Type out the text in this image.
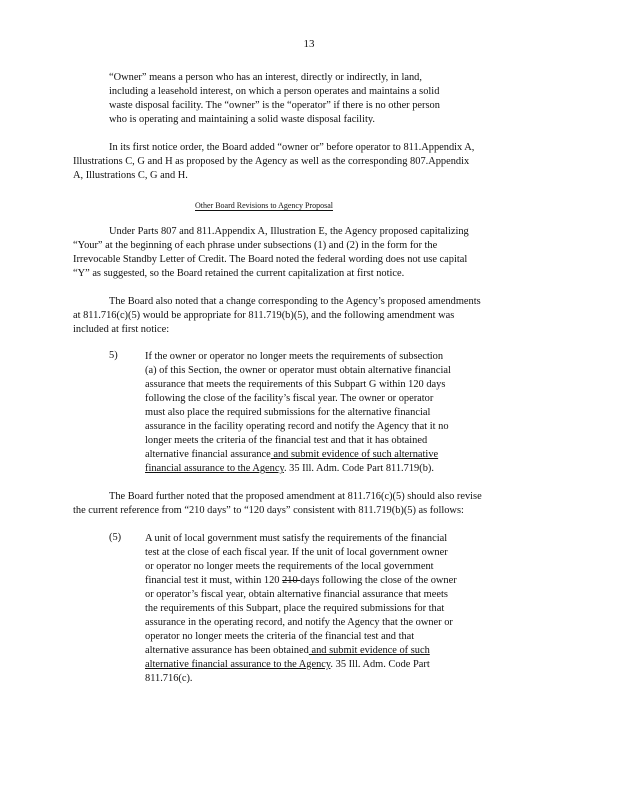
13
“Owner” means a person who has an interest, directly or indirectly, in land,
including a leasehold interest, on which a person operates and maintains a solid
waste disposal facility. The “owner” is the “operator” if there is no other person
who is operating and maintaining a solid waste disposal facility.
In its first notice order, the Board added “owner or” before operator to 811.Appendix A,
Illustrations C, G and H as proposed by the Agency as well as the corresponding 807.Appendix
A, Illustrations C, G and H.
Other Board Revisions to Agency Proposal
Under Parts 807 and 811.Appendix A, Illustration E, the Agency proposed capitalizing
“Your” at the beginning of each phrase under subsections (1) and (2) in the form for the
Irrevocable Standby Letter of Credit. The Board noted the federal wording does not use capital
“Y” as suggested, so the Board retained the current capitalization at first notice.
The Board also noted that a change corresponding to the Agency’s proposed amendments
at 811.716(c)(5) would be appropriate for 811.719(b)(5), and the following amendment was
included at first notice:
5)	If the owner or operator no longer meets the requirements of subsection
(a) of this Section, the owner or operator must obtain alternative financial
assurance that meets the requirements of this Subpart G within 120 days
following the close of the facility’s fiscal year. The owner or operator
must also place the required submissions for the alternative financial
assurance in the facility operating record and notify the Agency that it no
longer meets the criteria of the financial test and that it has obtained
alternative financial assurance and submit evidence of such alternative
financial assurance to the Agency. 35 Ill. Adm. Code Part 811.719(b).
The Board further noted that the proposed amendment at 811.716(c)(5) should also revise
the current reference from “210 days” to “120 days” consistent with 811.719(b)(5) as follows:
(5) A unit of local government must satisfy the requirements of the financial
test at the close of each fiscal year. If the unit of local government owner
or operator no longer meets the requirements of the local government
financial test it must, within 120 210 days following the close of the owner
or operator’s fiscal year, obtain alternative financial assurance that meets
the requirements of this Subpart, place the required submissions for that
assurance in the operating record, and notify the Agency that the owner or
operator no longer meets the criteria of the financial test and that
alternative assurance has been obtained and submit evidence of such
alternative financial assurance to the Agency. 35 Ill. Adm. Code Part
811.716(c).
